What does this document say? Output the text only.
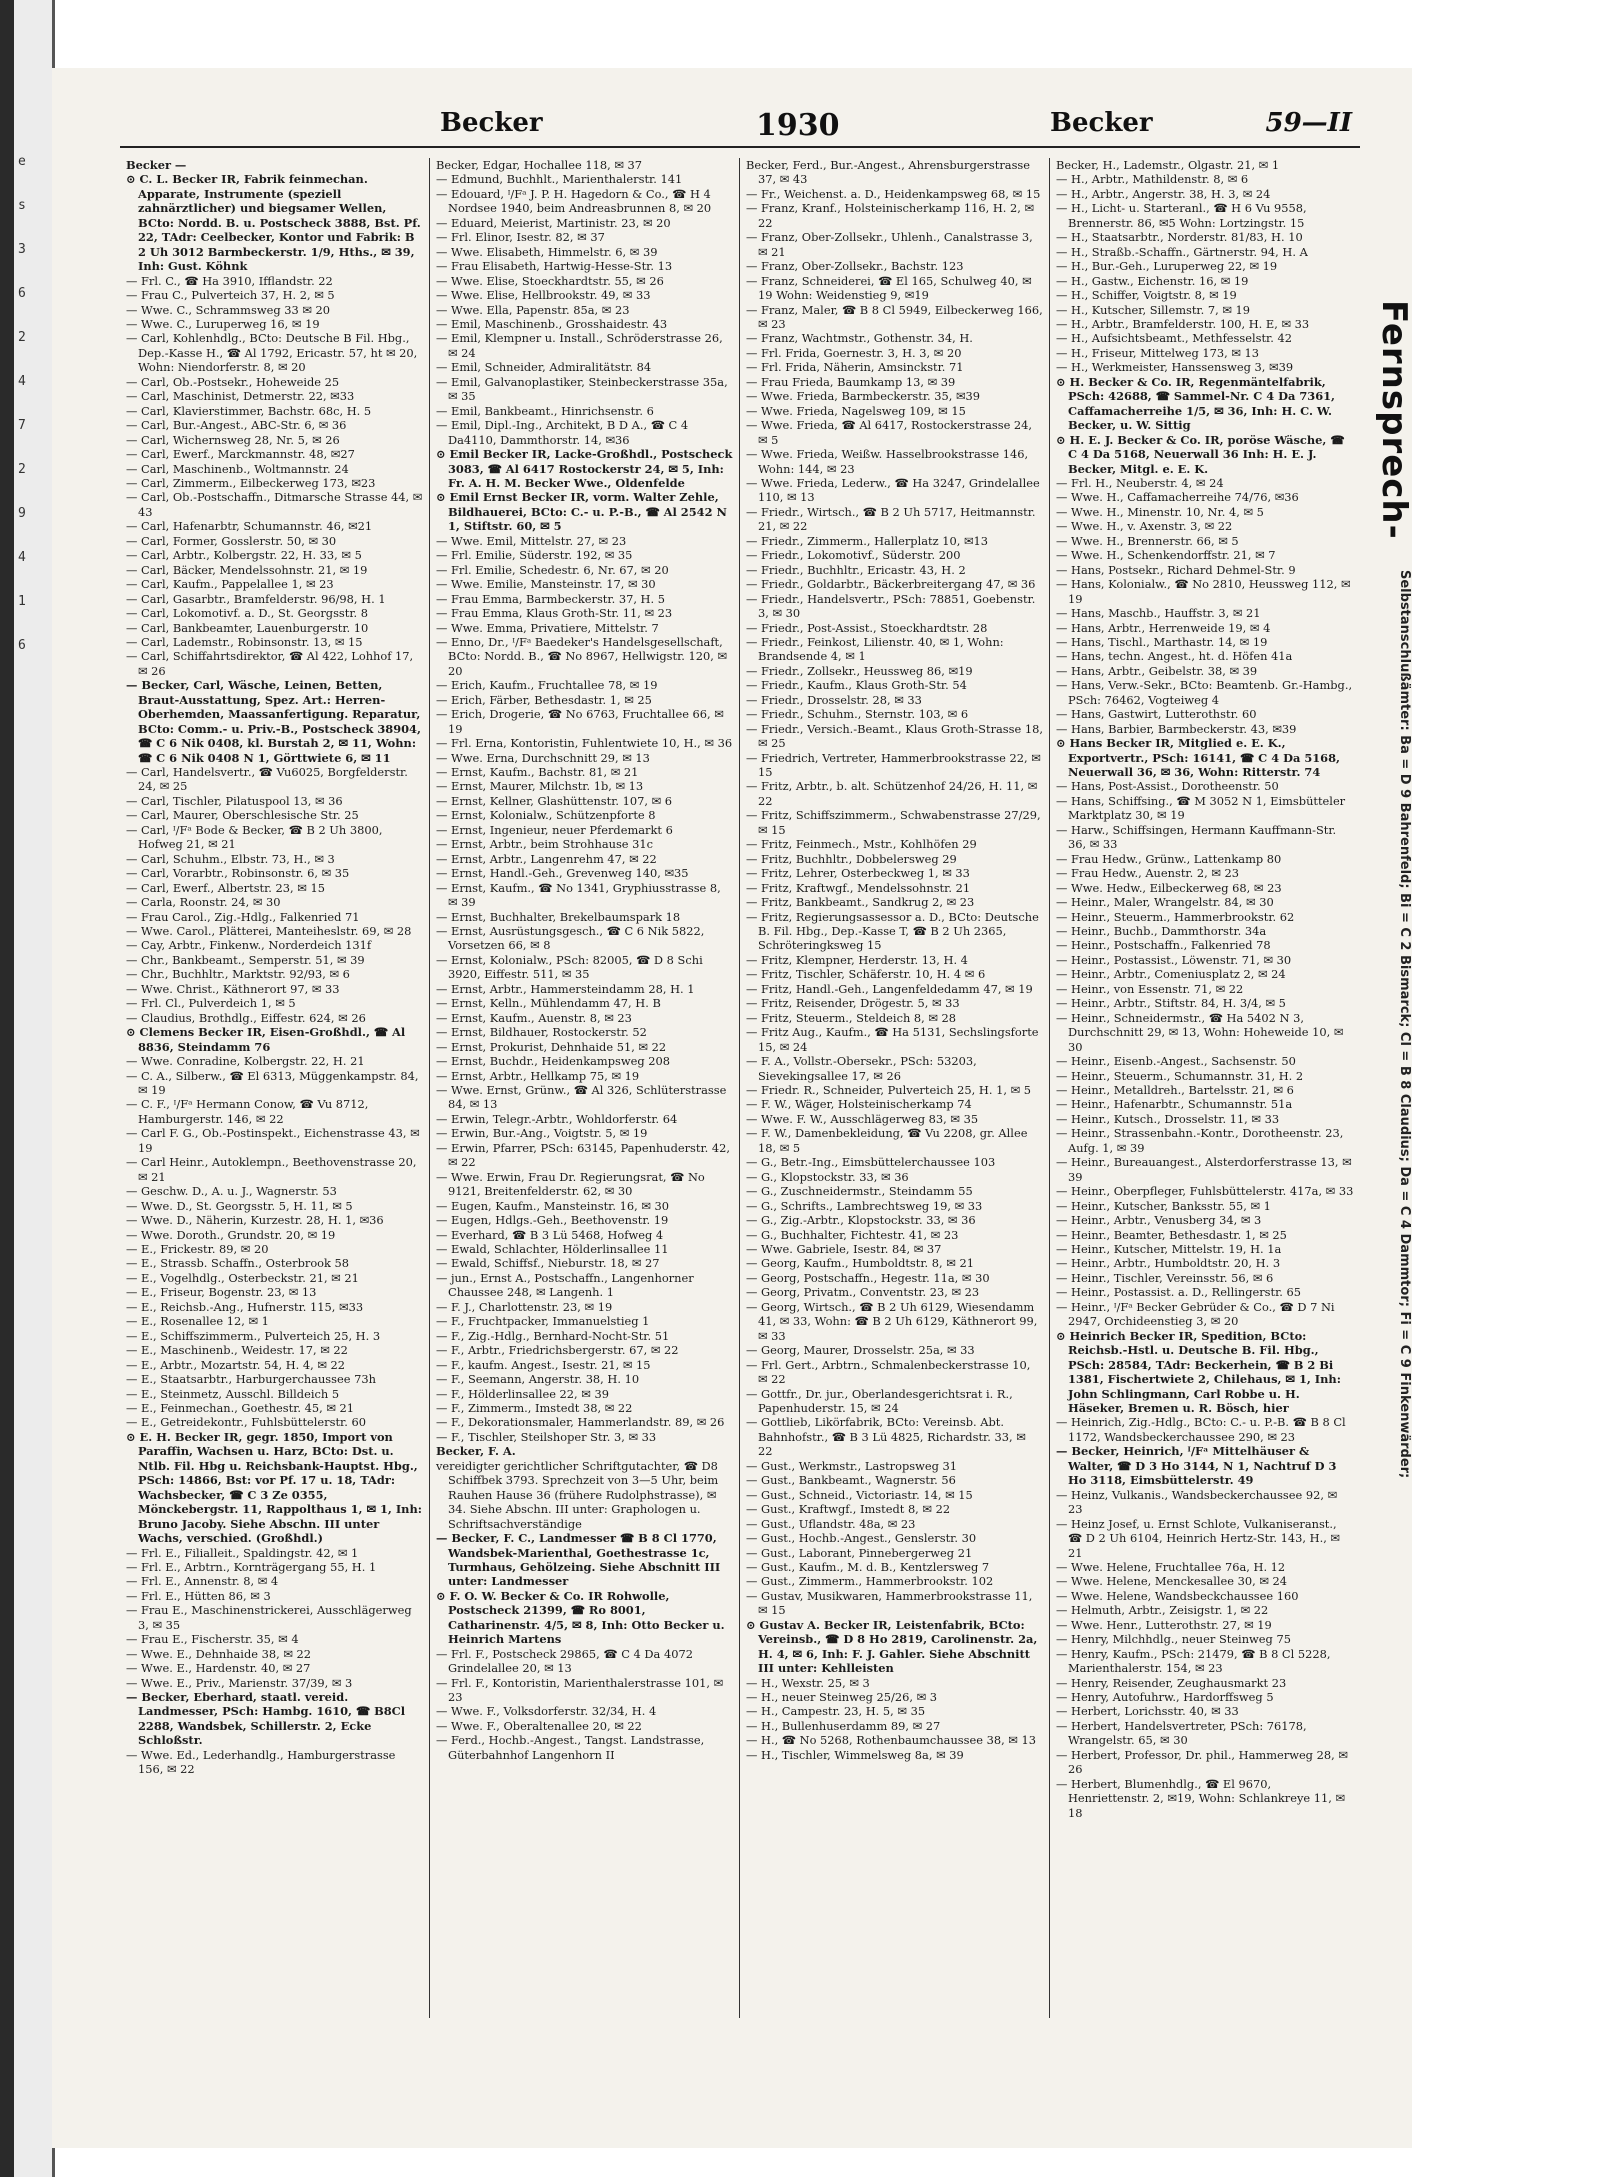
e
s
3
6
2
4
7
2
9
4
1
6
Becker	1930	Becker	59—II
Becker —
⊙ C. L. Becker IR, Fabrik feinmechan. Apparate, Instrumente (speziell zahnärztlicher) und biegsamer Wellen, BCto: Nordd. B. u. Postscheck 3888, Bst. Pf. 22, TAdr: Ceelbecker, Kontor und Fabrik: B 2 Uh 3012 Barmbeckerstr. 1/9, Hths., ✉ 39, Inh: Gust. Köhnk
— Frl. C., ☎ Ha 3910, Ifflandstr. 22
— Frau C., Pulverteich 37, H. 2, ✉ 5
— Wwe. C., Schrammsweg 33 ✉ 20
— Wwe. C., Luruperweg 16, ✉ 19
— Carl, Kohlenhdlg., BCto: Deutsche B Fil. Hbg., Dep.-Kasse H., ☎ Al 1792, Ericastr. 57, ht ✉ 20, Wohn: Niendorferstr. 8, ✉ 20
— Carl, Ob.-Postsekr., Hoheweide 25
— Carl, Maschinist, Detmerstr. 22, ✉33
— Carl, Klavierstimmer, Bachstr. 68c, H. 5
— Carl, Bur.-Angest., ABC-Str. 6, ✉ 36
— Carl, Wichernsweg 28, Nr. 5, ✉ 26
— Carl, Ewerf., Marckmannstr. 48, ✉27
— Carl, Maschinenb., Woltmannstr. 24
— Carl, Zimmerm., Eilbeckerweg 173, ✉23
— Carl, Ob.-Postschaffn., Ditmarsche Strasse 44, ✉ 43
— Carl, Hafenarbtr, Schumannstr. 46, ✉21
— Carl, Former, Gosslerstr. 50, ✉ 30
— Carl, Arbtr., Kolbergstr. 22, H. 33, ✉ 5
— Carl, Bäcker, Mendelssohnstr. 21, ✉ 19
— Carl, Kaufm., Pappelallee 1, ✉ 23
— Carl, Gasarbtr., Bramfelderstr. 96/98, H. 1
— Carl, Lokomotivf. a. D., St. Georgsstr. 8
— Carl, Bankbeamter, Lauenburgerstr. 10
— Carl, Lademstr., Robinsonstr. 13, ✉ 15
— Carl, Schiffahrtsdirektor, ☎ Al 422, Lohhof 17, ✉ 26
— Becker, Carl, Wäsche, Leinen, Betten, Braut-Ausstattung, Spez. Art.: Herren-Oberhemden, Maassanfertigung. Reparatur, BCto: Comm.- u. Priv.-B., Postscheck 38904, ☎ C 6 Nik 0408, kl. Burstah 2, ✉ 11, Wohn: ☎ C 6 Nik 0408 N 1, Görttwiete 6, ✉ 11
— Carl, Handelsvertr., ☎ Vu6025, Borgfelderstr. 24, ✉ 25
— Carl, Tischler, Pilatuspool 13, ✉ 36
— Carl, Maurer, Oberschlesische Str. 25
— Carl, ᴵ/Fᵃ Bode & Becker, ☎ B 2 Uh 3800, Hofweg 21, ✉ 21
— Carl, Schuhm., Elbstr. 73, H., ✉ 3
— Carl, Vorarbtr., Robinsonstr. 6, ✉ 35
— Carl, Ewerf., Albertstr. 23, ✉ 15
— Carla, Roonstr. 24, ✉ 30
— Frau Carol., Zig.-Hdlg., Falkenried 71
— Wwe. Carol., Plätterei, Manteiheslstr. 69, ✉ 28
— Cay, Arbtr., Finkenw., Norderdeich 131f
— Chr., Bankbeamt., Semperstr. 51, ✉ 39
— Chr., Buchhltr., Marktstr. 92/93, ✉ 6
— Wwe. Christ., Käthnerort 97, ✉ 33
— Frl. Cl., Pulverdeich 1, ✉ 5
— Claudius, Brothdlg., Eiffestr. 624, ✉ 26
⊙ Clemens Becker IR, Eisen-Großhdl., ☎ Al 8836, Steindamm 76
— Wwe. Conradine, Kolbergstr. 22, H. 21
— C. A., Silberw., ☎ El 6313, Müggenkampstr. 84, ✉ 19
— C. F., ᴵ/Fᵃ Hermann Conow, ☎ Vu 8712, Hamburgerstr. 146, ✉ 22
— Carl F. G., Ob.-Postinspekt., Eichenstrasse 43, ✉ 19
— Carl Heinr., Autoklempn., Beethovenstrasse 20, ✉ 21
— Geschw. D., A. u. J., Wagnerstr. 53
— Wwe. D., St. Georgsstr. 5, H. 11, ✉ 5
— Wwe. D., Näherin, Kurzestr. 28, H. 1, ✉36
— Wwe. Doroth., Grundstr. 20, ✉ 19
— E., Frickestr. 89, ✉ 20
— E., Strassb. Schaffn., Osterbrook 58
— E., Vogelhdlg., Osterbeckstr. 21, ✉ 21
— E., Friseur, Bogenstr. 23, ✉ 13
— E., Reichsb.-Ang., Hufnerstr. 115, ✉33
— E., Rosenallee 12, ✉ 1
— E., Schiffszimmerm., Pulverteich 25, H. 3
— E., Maschinenb., Weidestr. 17, ✉ 22
— E., Arbtr., Mozartstr. 54, H. 4, ✉ 22
— E., Staatsarbtr., Harburgerchaussee 73h
— E., Steinmetz, Ausschl. Billdeich 5
— E., Feinmechan., Goethestr. 45, ✉ 21
— E., Getreidekontr., Fuhlsbüttelerstr. 60
⊙ E. H. Becker IR, gegr. 1850, Import von Paraffin, Wachsen u. Harz, BCto: Dst. u. Ntlb. Fil. Hbg u. Reichsbank-Hauptst. Hbg., PSch: 14866, Bst: vor Pf. 17 u. 18, TAdr: Wachsbecker, ☎ C 3 Ze 0355, Mönckebergstr. 11, Rappolthaus 1, ✉ 1, Inh: Bruno Jacoby. Siehe Abschn. III unter Wachs, verschied. (Großhdl.)
— Frl. E., Filialleit., Spaldingstr. 42, ✉ 1
— Frl. E., Arbtrn., Kornträgergang 55, H. 1
— Frl. E., Annenstr. 8, ✉ 4
— Frl. E., Hütten 86, ✉ 3
— Frau E., Maschinenstrickerei, Ausschlägerweg 3, ✉ 35
— Frau E., Fischerstr. 35, ✉ 4
— Wwe. E., Dehnhaide 38, ✉ 22
— Wwe. E., Hardenstr. 40, ✉ 27
— Wwe. E., Priv., Marienstr. 37/39, ✉ 3
— Becker, Eberhard, staatl. vereid. Landmesser, PSch: Hambg. 1610, ☎ B8Cl 2288, Wandsbek, Schillerstr. 2, Ecke Schloßstr.
— Wwe. Ed., Lederhandlg., Hamburgerstrasse 156, ✉ 22
Becker, Edgar, Hochallee 118, ✉ 37
— Edmund, Buchhlt., Marienthalerstr. 141
— Edouard, ᴵ/Fᵃ J. P. H. Hagedorn & Co., ☎ H 4 Nordsee 1940, beim Andreasbrunnen 8, ✉ 20
— Eduard, Meierist, Martinistr. 23, ✉ 20
— Frl. Elinor, Isestr. 82, ✉ 37
— Wwe. Elisabeth, Himmelstr. 6, ✉ 39
— Frau Elisabeth, Hartwig-Hesse-Str. 13
— Wwe. Elise, Stoeckhardtstr. 55, ✉ 26
— Wwe. Elise, Hellbrookstr. 49, ✉ 33
— Wwe. Ella, Papenstr. 85a, ✉ 23
— Emil, Maschinenb., Grosshaidestr. 43
— Emil, Klempner u. Install., Schröderstrasse 26, ✉ 24
— Emil, Schneider, Admiralitätstr. 84
— Emil, Galvanoplastiker, Steinbeckerstrasse 35a, ✉ 35
— Emil, Bankbeamt., Hinrichsenstr. 6
— Emil, Dipl.-Ing., Architekt, B D A., ☎ C 4 Da4110, Dammthorstr. 14, ✉36
⊙ Emil Becker IR, Lacke-Großhdl., Postscheck 3083, ☎ Al 6417 Rostockerstr 24, ✉ 5, Inh: Fr. A. H. M. Becker Wwe., Oldenfelde
⊙ Emil Ernst Becker IR, vorm. Walter Zehle, Bildhauerei, BCto: C.- u. P.-B., ☎ Al 2542 N 1, Stiftstr. 60, ✉ 5
— Wwe. Emil, Mittelstr. 27, ✉ 23
— Frl. Emilie, Süderstr. 192, ✉ 35
— Frl. Emilie, Schedestr. 6, Nr. 67, ✉ 20
— Wwe. Emilie, Mansteinstr. 17, ✉ 30
— Frau Emma, Barmbeckerstr. 37, H. 5
— Frau Emma, Klaus Groth-Str. 11, ✉ 23
— Wwe. Emma, Privatiere, Mittelstr. 7
— Enno, Dr., ᴵ/Fᵃ Baedeker's Handelsgesellschaft, BCto: Nordd. B., ☎ No 8967, Hellwigstr. 120, ✉ 20
— Erich, Kaufm., Fruchtallee 78, ✉ 19
— Erich, Färber, Bethesdastr. 1, ✉ 25
— Erich, Drogerie, ☎ No 6763, Fruchtallee 66, ✉ 19
— Frl. Erna, Kontoristin, Fuhlentwiete 10, H., ✉ 36
— Wwe. Erna, Durchschnitt 29, ✉ 13
— Ernst, Kaufm., Bachstr. 81, ✉ 21
— Ernst, Maurer, Milchstr. 1b, ✉ 13
— Ernst, Kellner, Glashüttenstr. 107, ✉ 6
— Ernst, Kolonialw., Schützenpforte 8
— Ernst, Ingenieur, neuer Pferdemarkt 6
— Ernst, Arbtr., beim Strohhause 31c
— Ernst, Arbtr., Langenrehm 47, ✉ 22
— Ernst, Handl.-Geh., Grevenweg 140, ✉35
— Ernst, Kaufm., ☎ No 1341, Gryphiusstrasse 8, ✉ 39
— Ernst, Buchhalter, Brekelbaumspark 18
— Ernst, Ausrüstungsgesch., ☎ C 6 Nik 5822, Vorsetzen 66, ✉ 8
— Ernst, Kolonialw., PSch: 82005, ☎ D 8 Schi 3920, Eiffestr. 511, ✉ 35
— Ernst, Arbtr., Hammersteindamm 28, H. 1
— Ernst, Kelln., Mühlendamm 47, H. B
— Ernst, Kaufm., Auenstr. 8, ✉ 23
— Ernst, Bildhauer, Rostockerstr. 52
— Ernst, Prokurist, Dehnhaide 51, ✉ 22
— Ernst, Buchdr., Heidenkampsweg 208
— Ernst, Arbtr., Hellkamp 75, ✉ 19
— Wwe. Ernst, Grünw., ☎ Al 326, Schlüterstrasse 84, ✉ 13
— Erwin, Telegr.-Arbtr., Wohldorferstr. 64
— Erwin, Bur.-Ang., Voigtstr. 5, ✉ 19
— Erwin, Pfarrer, PSch: 63145, Papenhuderstr. 42, ✉ 22
— Wwe. Erwin, Frau Dr. Regierungsrat, ☎ No 9121, Breitenfelderstr. 62, ✉ 30
— Eugen, Kaufm., Mansteinstr. 16, ✉ 30
— Eugen, Hdlgs.-Geh., Beethovenstr. 19
— Everhard, ☎ B 3 Lü 5468, Hofweg 4
— Ewald, Schlachter, Hölderlinsallee 11
— Ewald, Schiffsf., Nieburstr. 18, ✉ 27
— jun., Ernst A., Postschaffn., Langenhorner Chaussee 248, ✉ Langenh. 1
— F. J., Charlottenstr. 23, ✉ 19
— F., Fruchtpacker, Immanuelstieg 1
— F., Zig.-Hdlg., Bernhard-Nocht-Str. 51
— F., Arbtr., Friedrichsbergerstr. 67, ✉ 22
— F., kaufm. Angest., Isestr. 21, ✉ 15
— F., Seemann, Angerstr. 38, H. 10
— F., Hölderlinsallee 22, ✉ 39
— F., Zimmerm., Imstedt 38, ✉ 22
— F., Dekorationsmaler, Hammerlandstr. 89, ✉ 26
— F., Tischler, Steilshoper Str. 3, ✉ 33
Becker, F. A.
vereidigter gerichtlicher Schriftgutachter, ☎ D8 Schiffbek 3793. Sprechzeit von 3—5 Uhr, beim Rauhen Hause 36 (frühere Rudolphstrasse), ✉ 34. Siehe Abschn. III unter: Graphologen u. Schriftsachverständige
— Becker, F. C., Landmesser ☎ B 8 Cl 1770, Wandsbek-Marienthal, Goethestrasse 1c, Turmhaus, Gehölzeing. Siehe Abschnitt III unter: Landmesser
⊙ F. O. W. Becker & Co. IR Rohwolle, Postscheck 21399, ☎ Ro 8001, Catharinenstr. 4/5, ✉ 8, Inh: Otto Becker u. Heinrich Martens
— Frl. F., Postscheck 29865, ☎ C 4 Da 4072 Grindelallee 20, ✉ 13
— Frl. F., Kontoristin, Marienthalerstrasse 101, ✉ 23
— Wwe. F., Volksdorferstr. 32/34, H. 4
— Wwe. F., Oberaltenallee 20, ✉ 22
— Ferd., Hochb.-Angest., Tangst. Landstrasse, Güterbahnhof Langenhorn II
Becker, Ferd., Bur.-Angest., Ahrensburgerstrasse 37, ✉ 43
— Fr., Weichenst. a. D., Heidenkampsweg 68, ✉ 15
— Franz, Kranf., Holsteinischerkamp 116, H. 2, ✉ 22
— Franz, Ober-Zollsekr., Uhlenh., Canalstrasse 3, ✉ 21
— Franz, Ober-Zollsekr., Bachstr. 123
— Franz, Schneiderei, ☎ El 165, Schulweg 40, ✉ 19 Wohn: Weidenstieg 9, ✉19
— Franz, Maler, ☎ B 8 Cl 5949, Eilbeckerweg 166, ✉ 23
— Franz, Wachtmstr., Gothenstr. 34, H.
— Frl. Frida, Goernestr. 3, H. 3, ✉ 20
— Frl. Frida, Näherin, Amsinckstr. 71
— Frau Frieda, Baumkamp 13, ✉ 39
— Wwe. Frieda, Barmbeckerstr. 35, ✉39
— Wwe. Frieda, Nagelsweg 109, ✉ 15
— Wwe. Frieda, ☎ Al 6417, Rostockerstrasse 24, ✉ 5
— Wwe. Frieda, Weißw. Hasselbrookstrasse 146, Wohn: 144, ✉ 23
— Wwe. Frieda, Lederw., ☎ Ha 3247, Grindelallee 110, ✉ 13
— Friedr., Wirtsch., ☎ B 2 Uh 5717, Heitmannstr. 21, ✉ 22
— Friedr., Zimmerm., Hallerplatz 10, ✉13
— Friedr., Lokomotivf., Süderstr. 200
— Friedr., Buchhltr., Ericastr. 43, H. 2
— Friedr., Goldarbtr., Bäckerbreitergang 47, ✉ 36
— Friedr., Handelsvertr., PSch: 78851, Goebenstr. 3, ✉ 30
— Friedr., Post-Assist., Stoeckhardtstr. 28
— Friedr., Feinkost, Lilienstr. 40, ✉ 1, Wohn: Brandsende 4, ✉ 1
— Friedr., Zollsekr., Heussweg 86, ✉19
— Friedr., Kaufm., Klaus Groth-Str. 54
— Friedr., Drosselstr. 28, ✉ 33
— Friedr., Schuhm., Sternstr. 103, ✉ 6
— Friedr., Versich.-Beamt., Klaus Groth-Strasse 18, ✉ 25
— Friedrich, Vertreter, Hammerbrookstrasse 22, ✉ 15
— Fritz, Arbtr., b. alt. Schützenhof 24/26, H. 11, ✉ 22
— Fritz, Schiffszimmerm., Schwabenstrasse 27/29, ✉ 15
— Fritz, Feinmech., Mstr., Kohlhöfen 29
— Fritz, Buchhltr., Dobbelersweg 29
— Fritz, Lehrer, Osterbeckweg 1, ✉ 33
— Fritz, Kraftwgf., Mendelssohnstr. 21
— Fritz, Bankbeamt., Sandkrug 2, ✉ 23
— Fritz, Regierungsassessor a. D., BCto: Deutsche B. Fil. Hbg., Dep.-Kasse T, ☎ B 2 Uh 2365, Schröteringksweg 15
— Fritz, Klempner, Herderstr. 13, H. 4
— Fritz, Tischler, Schäferstr. 10, H. 4 ✉ 6
— Fritz, Handl.-Geh., Langenfeldedamm 47, ✉ 19
— Fritz, Reisender, Drögestr. 5, ✉ 33
— Fritz, Steuerm., Steldeich 8, ✉ 28
— Fritz Aug., Kaufm., ☎ Ha 5131, Sechslingsforte 15, ✉ 24
— F. A., Vollstr.-Obersekr., PSch: 53203, Sievekingsallee 17, ✉ 26
— Friedr. R., Schneider, Pulverteich 25, H. 1, ✉ 5
— F. W., Wäger, Holsteinischerkamp 74
— Wwe. F. W., Ausschlägerweg 83, ✉ 35
— F. W., Damenbekleidung, ☎ Vu 2208, gr. Allee 18, ✉ 5
— G., Betr.-Ing., Eimsbüttelerchaussee 103
— G., Klopstockstr. 33, ✉ 36
— G., Zuschneidermstr., Steindamm 55
— G., Schrifts., Lambrechtsweg 19, ✉ 33
— G., Zig.-Arbtr., Klopstockstr. 33, ✉ 36
— G., Buchhalter, Fichtestr. 41, ✉ 23
— Wwe. Gabriele, Isestr. 84, ✉ 37
— Georg, Kaufm., Humboldtstr. 8, ✉ 21
— Georg, Postschaffn., Hegestr. 11a, ✉ 30
— Georg, Privatm., Conventstr. 23, ✉ 23
— Georg, Wirtsch., ☎ B 2 Uh 6129, Wiesendamm 41, ✉ 33, Wohn: ☎ B 2 Uh 6129, Käthnerort 99, ✉ 33
— Georg, Maurer, Drosselstr. 25a, ✉ 33
— Frl. Gert., Arbtrn., Schmalenbeckerstrasse 10, ✉ 22
— Gottfr., Dr. jur., Oberlandesgerichtsrat i. R., Papenhuderstr. 15, ✉ 24
— Gottlieb, Likörfabrik, BCto: Vereinsb. Abt. Bahnhofstr., ☎ B 3 Lü 4825, Richardstr. 33, ✉ 22
— Gust., Werkmstr., Lastropsweg 31
— Gust., Bankbeamt., Wagnerstr. 56
— Gust., Schneid., Victoriastr. 14, ✉ 15
— Gust., Kraftwgf., Imstedt 8, ✉ 22
— Gust., Uflandstr. 48a, ✉ 23
— Gust., Hochb.-Angest., Genslerstr. 30
— Gust., Laborant, Pinnebergerweg 21
— Gust., Kaufm., M. d. B., Kentzlersweg 7
— Gust., Zimmerm., Hammerbrookstr. 102
— Gustav, Musikwaren, Hammerbrookstrasse 11, ✉ 15
⊙ Gustav A. Becker IR, Leistenfabrik, BCto: Vereinsb., ☎ D 8 Ho 2819, Carolinenstr. 2a, H. 4, ✉ 6, Inh: F. J. Gahler. Siehe Abschnitt III unter: Kehlleisten
— H., Wexstr. 25, ✉ 3
— H., neuer Steinweg 25/26, ✉ 3
— H., Campestr. 23, H. 5, ✉ 35
— H., Bullenhuserdamm 89, ✉ 27
— H., ☎ No 5268, Rothenbaumchaussee 38, ✉ 13
— H., Tischler, Wimmelsweg 8a, ✉ 39
Becker, H., Lademstr., Olgastr. 21, ✉ 1
— H., Arbtr., Mathildenstr. 8, ✉ 6
— H., Arbtr., Angerstr. 38, H. 3, ✉ 24
— H., Licht- u. Starteranl., ☎ H 6 Vu 9558, Brennerstr. 86, ✉5 Wohn: Lortzingstr. 15
— H., Staatsarbtr., Norderstr. 81/83, H. 10
— H., Straßb.-Schaffn., Gärtnerstr. 94, H. A
— H., Bur.-Geh., Luruperweg 22, ✉ 19
— H., Gastw., Eichenstr. 16, ✉ 19
— H., Schiffer, Voigtstr. 8, ✉ 19
— H., Kutscher, Sillemstr. 7, ✉ 19
— H., Arbtr., Bramfelderstr. 100, H. E, ✉ 33
— H., Aufsichtsbeamt., Methfesselstr. 42
— H., Friseur, Mittelweg 173, ✉ 13
— H., Werkmeister, Hanssensweg 3, ✉39
⊙ H. Becker & Co. IR, Regenmäntelfabrik, PSch: 42688, ☎ Sammel-Nr. C 4 Da 7361, Caffamacherreihe 1/5, ✉ 36, Inh: H. C. W. Becker, u. W. Sittig
⊙ H. E. J. Becker & Co. IR, poröse Wäsche, ☎ C 4 Da 5168, Neuerwall 36 Inh: H. E. J. Becker, Mitgl. e. E. K.
— Frl. H., Neuberstr. 4, ✉ 24
— Wwe. H., Caffamacherreihe 74/76, ✉36
— Wwe. H., Minenstr. 10, Nr. 4, ✉ 5
— Wwe. H., v. Axenstr. 3, ✉ 22
— Wwe. H., Brennerstr. 66, ✉ 5
— Wwe. H., Schenkendorffstr. 21, ✉ 7
— Hans, Postsekr., Richard Dehmel-Str. 9
— Hans, Kolonialw., ☎ No 2810, Heussweg 112, ✉ 19
— Hans, Maschb., Hauffstr. 3, ✉ 21
— Hans, Arbtr., Herrenweide 19, ✉ 4
— Hans, Tischl., Marthastr. 14, ✉ 19
— Hans, techn. Angest., ht. d. Höfen 41a
— Hans, Arbtr., Geibelstr. 38, ✉ 39
— Hans, Verw.-Sekr., BCto: Beamtenb. Gr.-Hambg., PSch: 76462, Vogteiweg 4
— Hans, Gastwirt, Lutterothstr. 60
— Hans, Barbier, Barmbeckerstr. 43, ✉39
⊙ Hans Becker IR, Mitglied e. E. K., Exportvertr., PSch: 16141, ☎ C 4 Da 5168, Neuerwall 36, ✉ 36, Wohn: Ritterstr. 74
— Hans, Post-Assist., Dorotheenstr. 50
— Hans, Schiffsing., ☎ M 3052 N 1, Eimsbütteler Marktplatz 30, ✉ 19
— Harw., Schiffsingen, Hermann Kauffmann-Str. 36, ✉ 33
— Frau Hedw., Grünw., Lattenkamp 80
— Frau Hedw., Auenstr. 2, ✉ 23
— Wwe. Hedw., Eilbeckerweg 68, ✉ 23
— Heinr., Maler, Wrangelstr. 84, ✉ 30
— Heinr., Steuerm., Hammerbrookstr. 62
— Heinr., Buchb., Dammthorstr. 34a
— Heinr., Postschaffn., Falkenried 78
— Heinr., Postassist., Löwenstr. 71, ✉ 30
— Heinr., Arbtr., Comeniusplatz 2, ✉ 24
— Heinr., von Essenstr. 71, ✉ 22
— Heinr., Arbtr., Stiftstr. 84, H. 3/4, ✉ 5
— Heinr., Schneidermstr., ☎ Ha 5402 N 3, Durchschnitt 29, ✉ 13, Wohn: Hoheweide 10, ✉ 30
— Heinr., Eisenb.-Angest., Sachsenstr. 50
— Heinr., Steuerm., Schumannstr. 31, H. 2
— Heinr., Metalldreh., Bartelsstr. 21, ✉ 6
— Heinr., Hafenarbtr., Schumannstr. 51a
— Heinr., Kutsch., Drosselstr. 11, ✉ 33
— Heinr., Strassenbahn.-Kontr., Dorotheenstr. 23, Aufg. 1, ✉ 39
— Heinr., Bureauangest., Alsterdorferstrasse 13, ✉ 39
— Heinr., Oberpfleger, Fuhlsbüttelerstr. 417a, ✉ 33
— Heinr., Kutscher, Banksstr. 55, ✉ 1
— Heinr., Arbtr., Venusberg 34, ✉ 3
— Heinr., Beamter, Bethesdastr. 1, ✉ 25
— Heinr., Kutscher, Mittelstr. 19, H. 1a
— Heinr., Arbtr., Humboldtstr. 20, H. 3
— Heinr., Tischler, Vereinsstr. 56, ✉ 6
— Heinr., Postassist. a. D., Rellingerstr. 65
— Heinr., ᴵ/Fᵃ Becker Gebrüder & Co., ☎ D 7 Ni 2947, Orchideenstieg 3, ✉ 20
⊙ Heinrich Becker IR, Spedition, BCto: Reichsb.-Hstl. u. Deutsche B. Fil. Hbg., PSch: 28584, TAdr: Beckerhein, ☎ B 2 Bi 1381, Fischertwiete 2, Chilehaus, ✉ 1, Inh: John Schlingmann, Carl Robbe u. H. Häseker, Bremen u. R. Bösch, hier
— Heinrich, Zig.-Hdlg., BCto: C.- u. P.-B. ☎ B 8 Cl 1172, Wandsbeckerchaussee 290, ✉ 23
— Becker, Heinrich, ᴵ/Fᵃ Mittelhäuser & Walter, ☎ D 3 Ho 3144, N 1, Nachtruf D 3 Ho 3118, Eimsbüttelerstr. 49
— Heinz, Vulkanis., Wandsbeckerchaussee 92, ✉ 23
— Heinz Josef, u. Ernst Schlote, Vulkaniseranst., ☎ D 2 Uh 6104, Heinrich Hertz-Str. 143, H., ✉ 21
— Wwe. Helene, Fruchtallee 76a, H. 12
— Wwe. Helene, Menckesallee 30, ✉ 24
— Wwe. Helene, Wandsbeckchaussee 160
— Helmuth, Arbtr., Zeisigstr. 1, ✉ 22
— Wwe. Henr., Lutterothstr. 27, ✉ 19
— Henry, Milchhdlg., neuer Steinweg 75
— Henry, Kaufm., PSch: 21479, ☎ B 8 Cl 5228, Marienthalerstr. 154, ✉ 23
— Henry, Reisender, Zeughausmarkt 23
— Henry, Autofuhrw., Hardorffsweg 5
— Herbert, Lorichsstr. 40, ✉ 33
— Herbert, Handelsvertreter, PSch: 76178, Wrangelstr. 65, ✉ 30
— Herbert, Professor, Dr. phil., Hammerweg 28, ✉26
— Herbert, Blumenhdlg., ☎ El 9670, Henriettenstr. 2, ✉19, Wohn: Schlankreye 11, ✉ 18
Fernsprech-
Selbstanschlußämter: Ba = D 9 Bahrenfeld; Bi = C 2 Bismarck; Cl = B 8 Claudius; Da = C 4 Dammtor; Fi = C 9 Finkenwärder;
